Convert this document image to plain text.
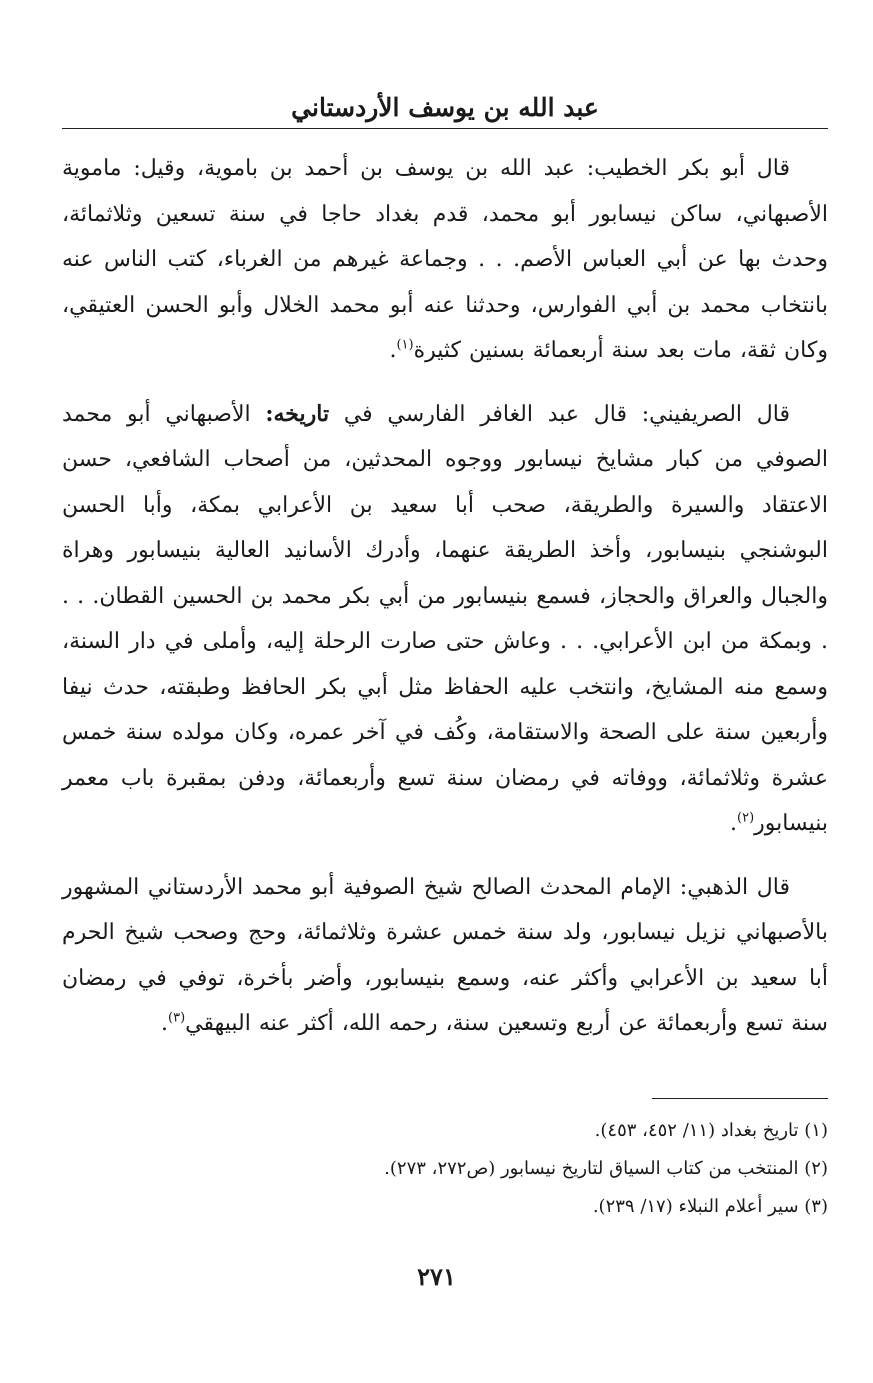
عبد الله بن يوسف الأردستاني

قال أبو بكر الخطيب: عبد الله بن يوسف بن أحمد بن باموية، وقيل: ماموية الأصبهاني، ساكن نيسابور أبو محمد، قدم بغداد حاجا في سنة تسعين وثلاثمائة، وحدث بها عن أبي العباس الأصم. . . وجماعة غيرهم من الغرباء، كتب الناس عنه بانتخاب محمد بن أبي الفوارس، وحدثنا عنه أبو محمد الخلال وأبو الحسن العتيقي، وكان ثقة، مات بعد سنة أربعمائة بسنين كثيرة$^{(١)}$.

قال الصريفيني: قال عبد الغافر الفارسي في تاريخه: الأصبهاني أبو محمد الصوفي من كبار مشايخ نيسابور ووجوه المحدثين، من أصحاب الشافعي، حسن الاعتقاد والسيرة والطريقة، صحب أبا سعيد بن الأعرابي بمكة، وأبا الحسن البوشنجي بنيسابور، وأخذ الطريقة عنهما، وأدرك الأسانيد العالية بنيسابور وهراة والجبال والعراق والحجاز، فسمع بنيسابور من أبي بكر محمد بن الحسين القطان. . . . وبمكة من ابن الأعرابي. . . وعاش حتى صارت الرحلة إليه، وأملى في دار السنة، وسمع منه المشايخ، وانتخب عليه الحفاظ مثل أبي بكر الحافظ وطبقته، حدث نيفا وأربعين سنة على الصحة والاستقامة، وكُف في آخر عمره، وكان مولده سنة خمس عشرة وثلاثمائة، ووفاته في رمضان سنة تسع وأربعمائة، ودفن بمقبرة باب معمر بنيسابور$^{(٢)}$.

قال الذهبي: الإمام المحدث الصالح شيخ الصوفية أبو محمد الأردستاني المشهور بالأصبهاني نزيل نيسابور، ولد سنة خمس عشرة وثلاثمائة، وحج وصحب شيخ الحرم أبا سعيد بن الأعرابي وأكثر عنه، وسمع بنيسابور، وأضر بأخرة، توفي في رمضان سنة تسع وأربعمائة عن أربع وتسعين سنة، رحمه الله، أكثر عنه البيهقي$^{(٣)}$.

(١) تاريخ بغداد (١١/ ٤٥٢، ٤٥٣).

(٢) المنتخب من كتاب السياق لتاريخ نيسابور (ص٢٧٢، ٢٧٣).

(٣) سير أعلام النبلاء (١٧/ ٢٣٩).

٢٧١
